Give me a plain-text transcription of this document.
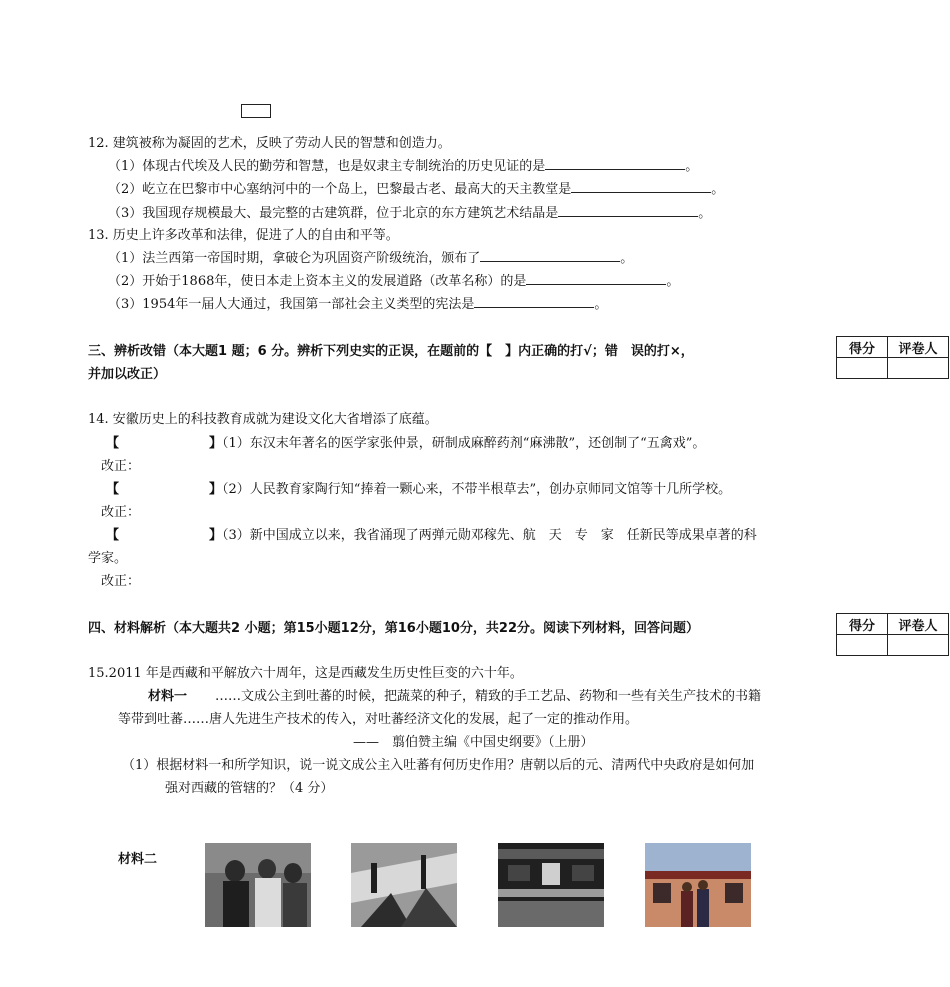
12. 建筑被称为凝固的艺术，反映了劳动人民的智慧和创造力。
（1）体现古代埃及人民的勤劳和智慧，也是奴隶主专制统治的历史见证的是	。
（2）屹立在巴黎市中心塞纳河中的一个岛上，巴黎最古老、最高大的天主教堂是	。
（3）我国现存规模最大、最完整的古建筑群，位于北京的东方建筑艺术结晶是	。
13. 历史上许多改革和法律，促进了人的自由和平等。
（1）法兰西第一帝国时期，拿破仑为巩固资产阶级统治，颁布了	。
（2）开始于1868年，使日本走上资本主义的发展道路（改革名称）的是	。
（3）1954年一届人大通过，我国第一部社会主义类型的宪法是	。
三、辨析改错（本大题1 题；6 分。辨析下列史实的正误，在题前的【　】内正确的打√；错　误的打×，
并加以改正）
得分	评卷人

14. 安徽历史上的科技教育成就为建设文化大省增添了底蕴。
【	】（1）东汉末年著名的医学家张仲景，研制成麻醉药剂“麻沸散”，还创制了“五禽戏”。
改正：
【	】（2）人民教育家陶行知“捧着一颗心来，不带半根草去”，创办京师同文馆等十几所学校。
改正：
【	】（3）新中国成立以来，我省涌现了两弹元勋邓稼先、航　天　专　家　任新民等成果卓著的科
学家。
改正：
四、材料解析（本大题共2 小题；第15小题12分，第16小题10分，共22分。阅读下列材料，回答问题）	得分	评卷人

15.2011 年是西藏和平解放六十周年，这是西藏发生历史性巨变的六十年。
材料一 ……文成公主到吐蕃的时候，把蔬菜的种子，精致的手工艺品、药物和一些有关生产技术的书籍
等带到吐蕃……唐人先进生产技术的传入，对吐蕃经济文化的发展，起了一定的推动作用。
——　翦伯赞主编《中国史纲要》（上册）
（1）根据材料一和所学知识，说一说文成公主入吐蕃有何历史作用？唐朝以后的元、清两代中央政府是如何加
强对西藏的管辖的？（4 分）
材料二
